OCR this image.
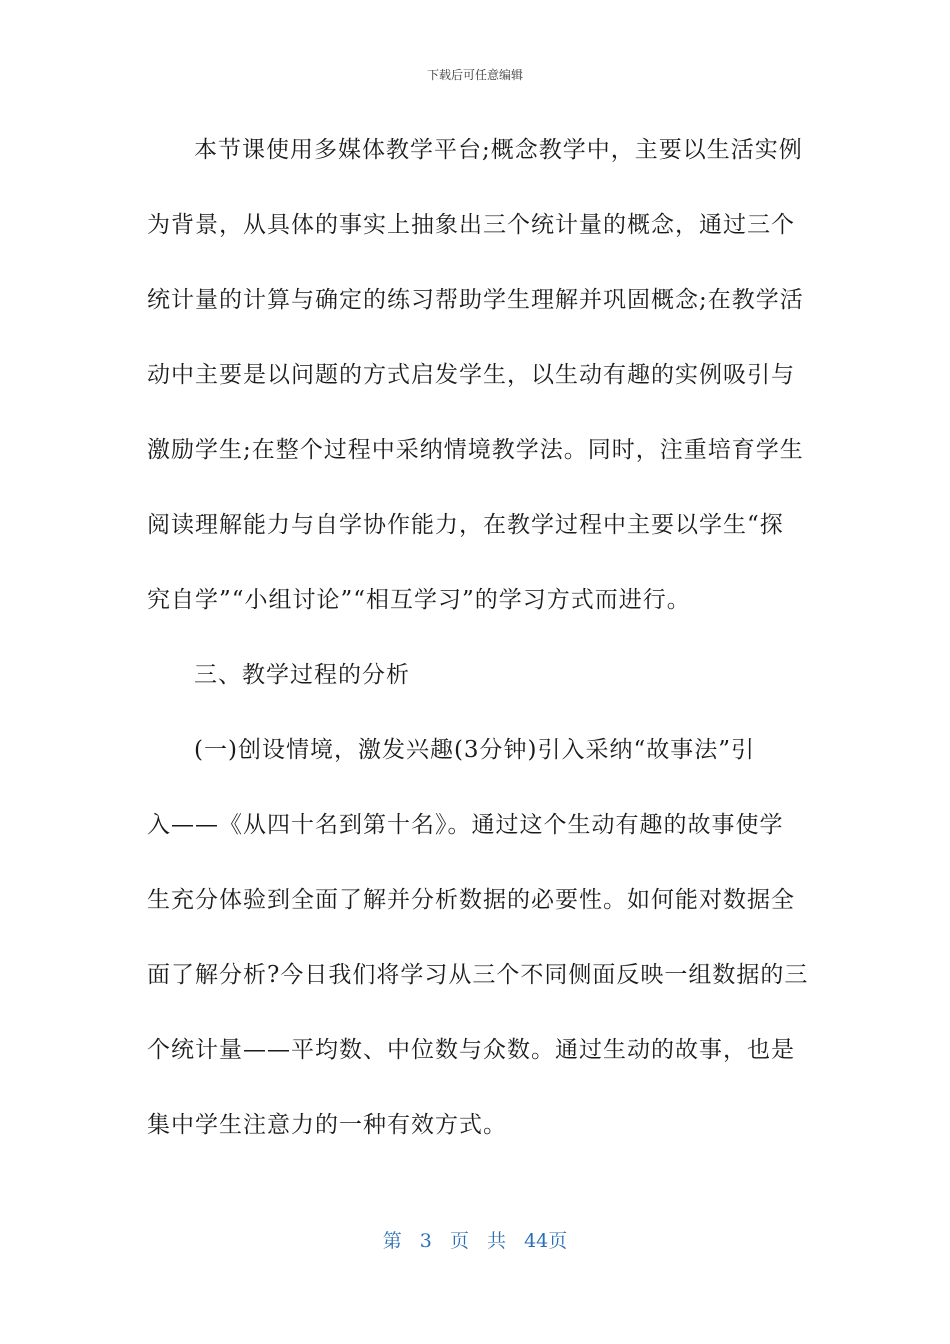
下载后可任意编辑
本节课使用多媒体教学平台;概念教学中，主要以生活实例
为背景，从具体的事实上抽象出三个统计量的概念，通过三个
统计量的计算与确定的练习帮助学生理解并巩固概念;在教学活
动中主要是以问题的方式启发学生，以生动有趣的实例吸引与
激励学生;在整个过程中采纳情境教学法。同时，注重培育学生
阅读理解能力与自学协作能力，在教学过程中主要以学生“探
究自学”“小组讨论”“相互学习”的学习方式而进行。
三、教学过程的分析
(一)创设情境，激发兴趣(3分钟)引入采纳“故事法”引
入——《从四十名到第十名》。通过这个生动有趣的故事使学
生充分体验到全面了解并分析数据的必要性。如何能对数据全
面了解分析?今日我们将学习从三个不同侧面反映一组数据的三
个统计量——平均数、中位数与众数。通过生动的故事，也是
集中学生注意力的一种有效方式。
第 3 页 共 44页
